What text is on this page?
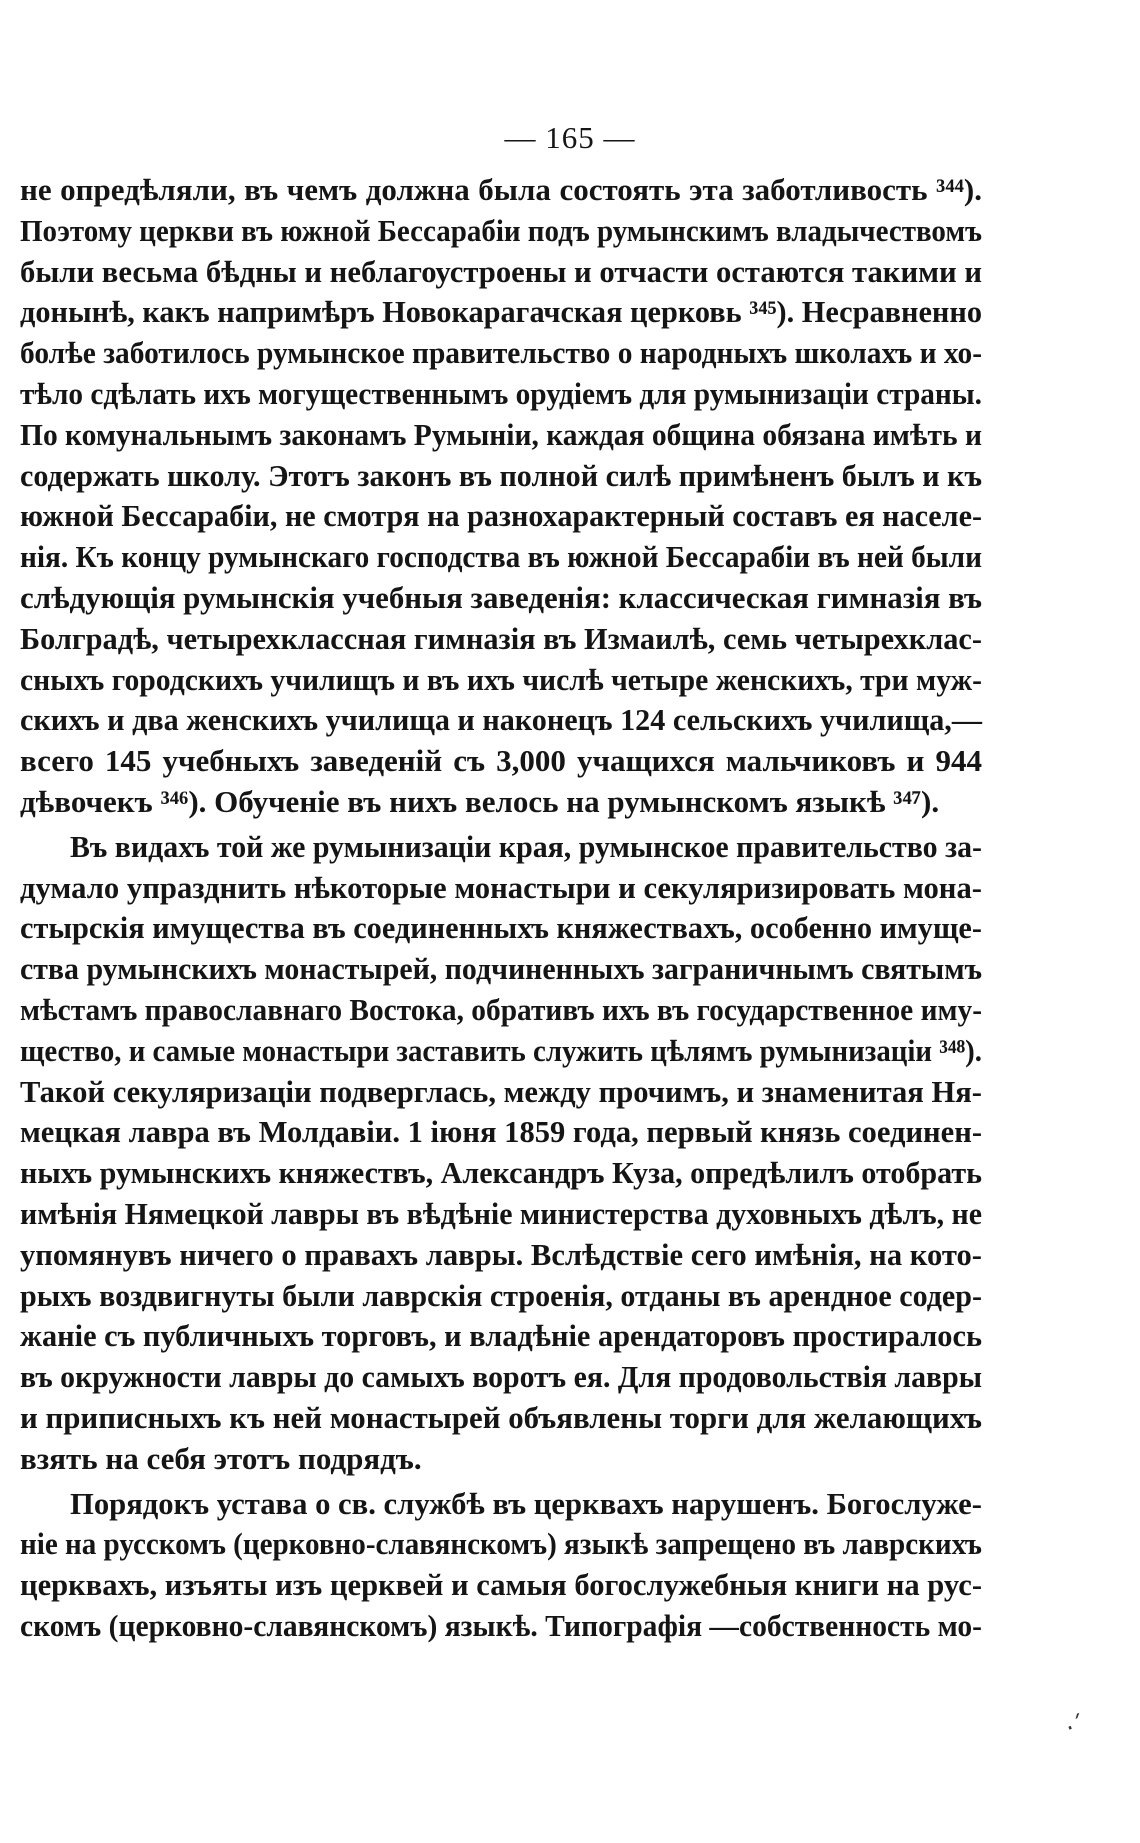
— 165 —
не опредѣляли, въ чемъ должна была состоять эта заботливость ³⁴⁴).
Поэтому церкви въ южной Бессарабіи подъ румынскимъ владычествомъ
были весьма бѣдны и неблагоустроены и отчасти остаются такими и
донынѣ, какъ напримѣръ Новокарагачская церковь ³⁴⁵). Несравненно
болѣе заботилось румынское правительство о народныхъ школахъ и хо-
тѣло сдѣлать ихъ могущественнымъ орудіемъ для румынизаціи страны.
По комунальнымъ законамъ Румыніи, каждая община обязана имѣть и
содержать школу. Этотъ законъ въ полной силѣ примѣненъ былъ и къ
южной Бессарабіи, не смотря на разнохарактерный составъ ея населе-
нія. Къ концу румынскаго господства въ южной Бессарабіи въ ней были
слѣдующія румынскія учебныя заведенія: классическая гимназія въ
Болградѣ, четырехклассная гимназія въ Измаилѣ, семь четырехклас-
сныхъ городскихъ училищъ и въ ихъ числѣ четыре женскихъ, три муж-
скихъ и два женскихъ училища и наконецъ 124 сельскихъ училища,—
всего 145 учебныхъ заведеній съ 3,000 учащихся мальчиковъ и 944
дѣвочекъ ³⁴⁶). Обученіе въ нихъ велось на румынскомъ языкѣ ³⁴⁷).
Въ видахъ той же румынизаціи края, румынское правительство за-
думало упразднить нѣкоторые монастыри и секуляризировать мона-
стырскія имущества въ соединенныхъ княжествахъ, особенно имуще-
ства румынскихъ монастырей, подчиненныхъ заграничнымъ святымъ
мѣстамъ православнаго Востока, обративъ ихъ въ государственное иму-
щество, и самые монастыри заставить служить цѣлямъ румынизаціи ³⁴⁸).
Такой секуляризаціи подверглась, между прочимъ, и знаменитая Ня-
мецкая лавра въ Молдавіи. 1 іюня 1859 года, первый князь соединен-
ныхъ румынскихъ княжествъ, Александръ Куза, опредѣлилъ отобрать
имѣнія Нямецкой лавры въ вѣдѣніе министерства духовныхъ дѣлъ, не
упомянувъ ничего о правахъ лавры. Вслѣдствіе сего имѣнія, на кото-
рыхъ воздвигнуты были лаврскія строенія, отданы въ арендное содер-
жаніе съ публичныхъ торговъ, и владѣніе арендаторовъ простиралось
въ окружности лавры до самыхъ воротъ ея. Для продовольствія лавры
и приписныхъ къ ней монастырей объявлены торги для желающихъ
взять на себя этотъ подрядъ.
Порядокъ устава о св. службѣ въ церквахъ нарушенъ. Богослуже-
ніе на русскомъ (церковно-славянскомъ) языкѣ запрещено въ лаврскихъ
церквахъ, изъяты изъ церквей и самыя богослужебныя книги на рус-
скомъ (церковно-славянскомъ) языкѣ. Типографія —собственность мо-
·ˊ
